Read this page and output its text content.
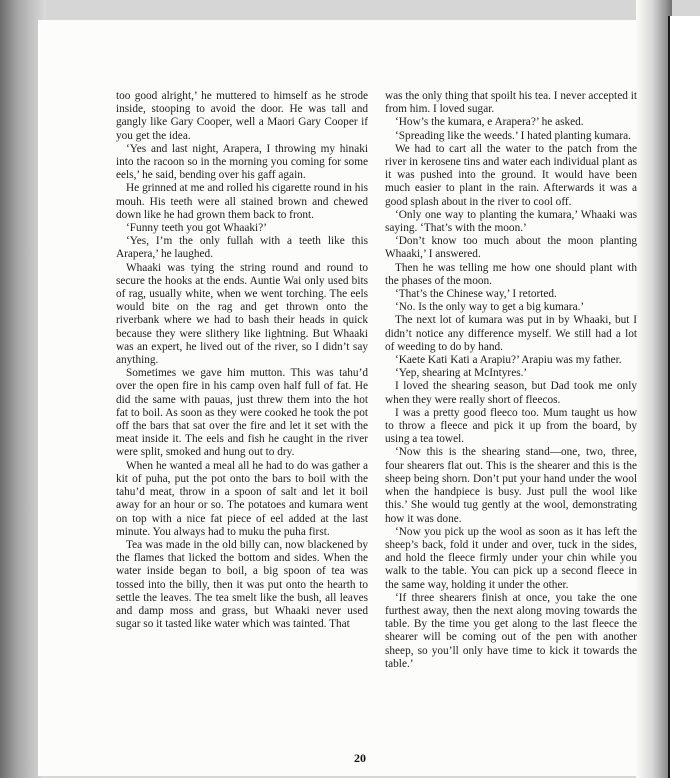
too good alright,’ he muttered to himself as he strode inside, stooping to avoid the door. He was tall and gangly like Gary Cooper, well a Maori Gary Cooper if you get the idea.

‘Yes and last night, Arapera, I throwing my hinaki into the racoon so in the morning you coming for some eels,’ he said, bending over his gaff again.

He grinned at me and rolled his cigarette round in his mouh. His teeth were all stained brown and chewed down like he had grown them back to front.

‘Funny teeth you got Whaaki?’

‘Yes, I’m the only fullah with a teeth like this Arapera,’ he laughed.

Whaaki was tying the string round and round to secure the hooks at the ends. Auntie Wai only used bits of rag, usually white, when we went torching. The eels would bite on the rag and get thrown onto the riverbank where we had to bash their heads in quick because they were slithery like lightning. But Whaaki was an expert, he lived out of the river, so I didn’t say anything.

Sometimes we gave him mutton. This was tahu’d over the open fire in his camp oven half full of fat. He did the same with pauas, just threw them into the hot fat to boil. As soon as they were cooked he took the pot off the bars that sat over the fire and let it set with the meat inside it. The eels and fish he caught in the river were split, smoked and hung out to dry.

When he wanted a meal all he had to do was gather a kit of puha, put the pot onto the bars to boil with the tahu’d meat, throw in a spoon of salt and let it boil away for an hour or so. The potatoes and kumara went on top with a nice fat piece of eel added at the last minute. You always had to muku the puha first.

Tea was made in the old billy can, now blackened by the flames that licked the bottom and sides. When the water inside began to boil, a big spoon of tea was tossed into the billy, then it was put onto the hearth to settle the leaves. The tea smelt like the bush, all leaves and damp moss and grass, but Whaaki never used sugar so it tasted like water which was tainted. That

was the only thing that spoilt his tea. I never accepted it from him. I loved sugar.

‘How’s the kumara, e Arapera?’ he asked.

‘Spreading like the weeds.’ I hated planting kumara.

We had to cart all the water to the patch from the river in kerosene tins and water each individual plant as it was pushed into the ground. It would have been much easier to plant in the rain. Afterwards it was a good splash about in the river to cool off.

‘Only one way to planting the kumara,’ Whaaki was saying. ‘That’s with the moon.’

‘Don’t know too much about the moon planting Whaaki,’ I answered.

Then he was telling me how one should plant with the phases of the moon.

‘That’s the Chinese way,’ I retorted.

‘No. Is the only way to get a big kumara.’

The next lot of kumara was put in by Whaaki, but I didn’t notice any difference myself. We still had a lot of weeding to do by hand.

‘Kaete Kati Kati a Arapiu?’ Arapiu was my father.

‘Yep, shearing at McIntyres.’

I loved the shearing season, but Dad took me only when they were really short of fleecos.

I was a pretty good fleeco too. Mum taught us how to throw a fleece and pick it up from the board, by using a tea towel.

‘Now this is the shearing stand—one, two, three, four shearers flat out. This is the shearer and this is the sheep being shorn. Don’t put your hand under the wool when the handpiece is busy. Just pull the wool like this.’ She would tug gently at the wool, demonstrating how it was done.

‘Now you pick up the wool as soon as it has left the sheep’s back, fold it under and over, tuck in the sides, and hold the fleece firmly under your chin while you walk to the table. You can pick up a second fleece in the same way, holding it under the other.

‘If three shearers finish at once, you take the one furthest away, then the next along moving towards the table. By the time you get along to the last fleece the shearer will be coming out of the pen with another sheep, so you’ll only have time to kick it towards the table.’

20
